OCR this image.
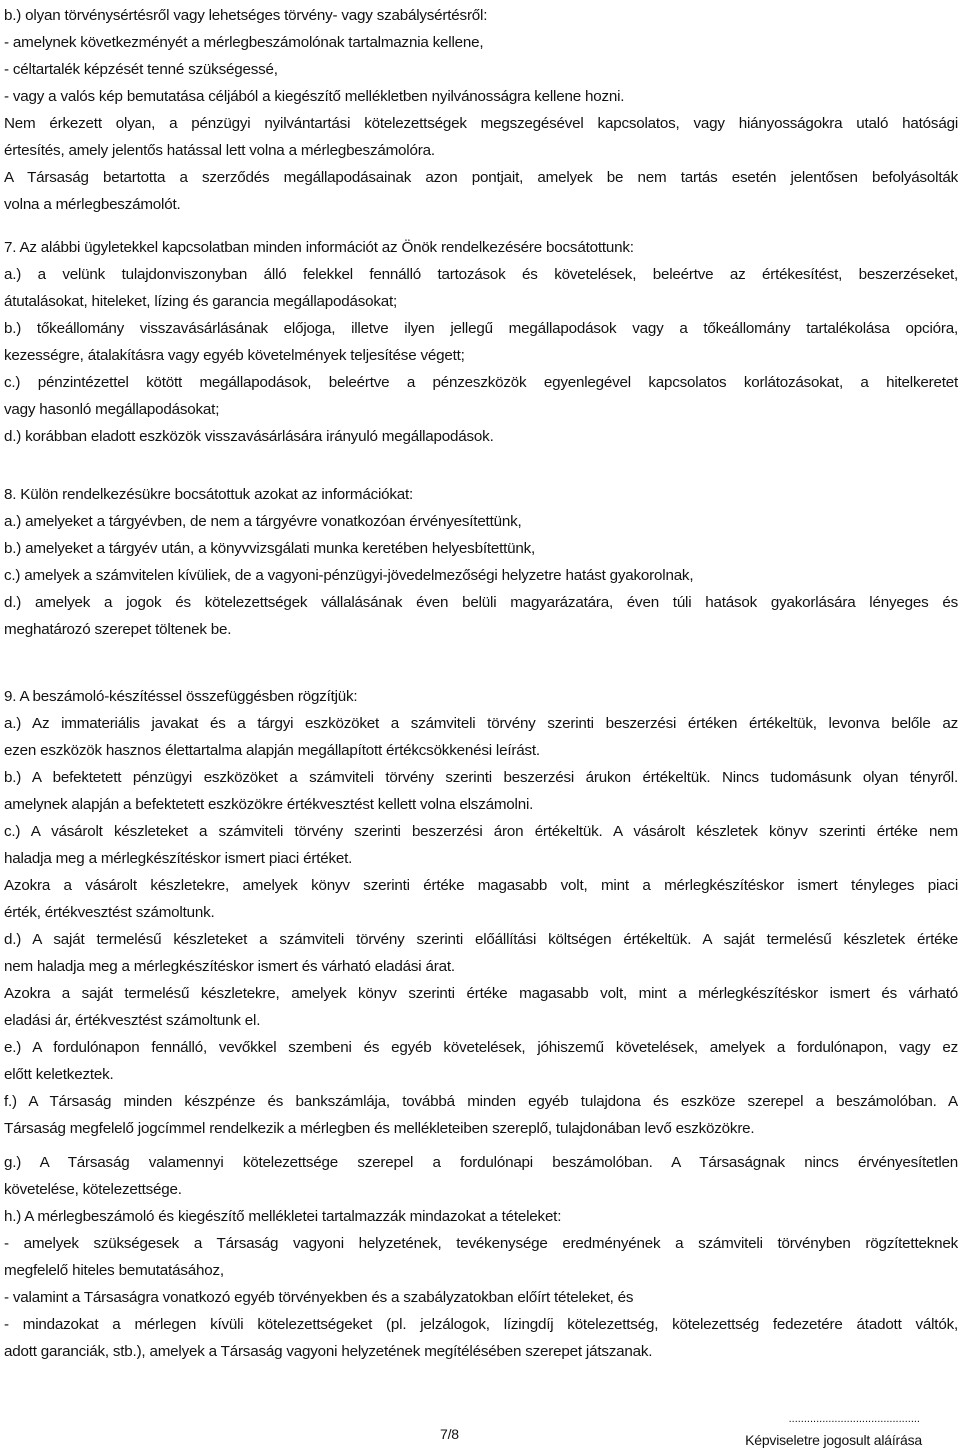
b.) olyan törvénysértésről vagy lehetséges törvény- vagy szabálysértésről:
- amelynek következményét a mérlegbeszámolónak tartalmaznia kellene,
- céltartalék képzését tenné szükségessé,
- vagy a valós kép bemutatása céljából a kiegészítő mellékletben nyilvánosságra kellene hozni.
Nem érkezett olyan, a pénzügyi nyilvántartási kötelezettségek megszegésével kapcsolatos, vagy hiányosságokra utaló hatósági
értesítés, amely jelentős hatással lett volna a mérlegbeszámolóra.
A Társaság betartotta a szerződés megállapodásainak azon pontjait, amelyek be nem tartás esetén jelentősen befolyásolták
volna a mérlegbeszámolót.
7. Az alábbi ügyletekkel kapcsolatban minden információt az Önök rendelkezésére bocsátottunk:
a.) a velünk tulajdonviszonyban álló felekkel fennálló tartozások és követelések, beleértve az értékesítést, beszerzéseket,
átutalásokat, hiteleket, lízing és garancia megállapodásokat;
b.) tőkeállomány visszavásárlásának előjoga, illetve ilyen jellegű megállapodások vagy a tőkeállomány tartalékolása opcióra,
kezességre, átalakításra vagy egyéb követelmények teljesítése végett;
c.) pénzintézettel kötött megállapodások, beleértve a pénzeszközök egyenlegével kapcsolatos korlátozásokat, a hitelkeretet
vagy hasonló megállapodásokat;
d.) korábban eladott eszközök visszavásárlására irányuló megállapodások.
8. Külön rendelkezésükre bocsátottuk azokat az információkat:
a.) amelyeket a tárgyévben, de nem a tárgyévre vonatkozóan érvényesítettünk,
b.) amelyeket a tárgyév után, a könyvvizsgálati munka keretében helyesbítettünk,
c.) amelyek a számvitelen kívüliek, de a vagyoni-pénzügyi-jövedelmezőségi helyzetre hatást gyakorolnak,
d.) amelyek a jogok és kötelezettségek vállalásának éven belüli magyarázatára, éven túli hatások gyakorlására lényeges és
meghatározó szerepet töltenek be.
9. A beszámoló-készítéssel összefüggésben rögzítjük:
a.) Az immateriális javakat és a tárgyi eszközöket a számviteli törvény szerinti beszerzési értéken értékeltük, levonva belőle az
ezen eszközök hasznos élettartalma alapján megállapított értékcsökkenési leírást.
b.) A befektetett pénzügyi eszközöket a számviteli törvény szerinti beszerzési árukon értékeltük. Nincs tudomásunk olyan tényről.
amelynek alapján a befektetett eszközökre értékvesztést kellett volna elszámolni.
c.) A vásárolt készleteket a számviteli törvény szerinti beszerzési áron értékeltük. A vásárolt készletek könyv szerinti értéke nem
haladja meg a mérlegkészítéskor ismert piaci értéket.
Azokra a vásárolt készletekre, amelyek könyv szerinti értéke magasabb volt, mint a mérlegkészítéskor ismert tényleges piaci
érték, értékvesztést számoltunk.
d.) A saját termelésű készleteket a számviteli törvény szerinti előállítási költségen értékeltük. A saját termelésű készletek értéke
nem haladja meg a mérlegkészítéskor ismert és várható eladási árat.
Azokra a saját termelésű készletekre, amelyek könyv szerinti értéke magasabb volt, mint a mérlegkészítéskor ismert és várható
eladási ár, értékvesztést számoltunk el.
e.) A fordulónapon fennálló, vevőkkel szembeni és egyéb követelések, jóhiszemű követelések, amelyek a fordulónapon, vagy ez
előtt keletkeztek.
f.) A Társaság minden készpénze és bankszámlája, továbbá minden egyéb tulajdona és eszköze szerepel a beszámolóban. A
Társaság megfelelő jogcímmel rendelkezik a mérlegben és mellékleteiben szereplő, tulajdonában levő eszközökre.
g.) A Társaság valamennyi kötelezettsége szerepel a fordulónapi beszámolóban. A Társaságnak nincs érvényesítetlen
követelése, kötelezettsége.
h.) A mérlegbeszámoló és kiegészítő mellékletei tartalmazzák mindazokat a tételeket:
- amelyek szükségesek a Társaság vagyoni helyzetének, tevékenysége eredményének a számviteli törvényben rögzítetteknek
megfelelő hiteles bemutatásához,
- valamint a Társaságra vonatkozó egyéb törvényekben és a szabályzatokban előírt tételeket, és
- mindazokat a mérlegen kívüli kötelezettségeket (pl. jelzálogok, lízingdíj kötelezettség, kötelezettség fedezetére átadott váltók,
adott garanciák, stb.), amelyek a Társaság vagyoni helyzetének megítélésében szerepet játszanak.
7/8
...........................................
Képviseletre jogosult aláírása
